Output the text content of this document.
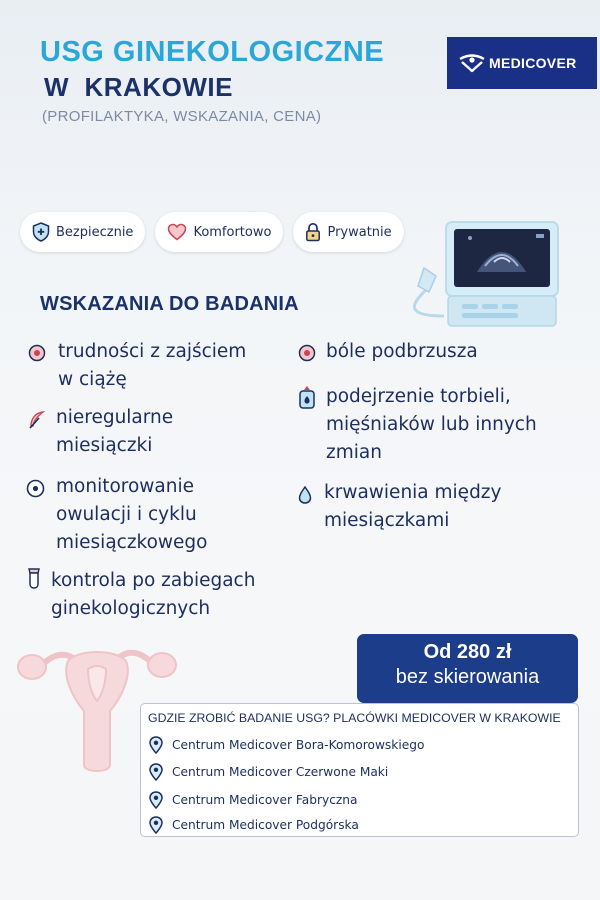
USG GINEKOLOGICZNE
W  KRAKOWIE
(PROFILAKTYKA, WSKAZANIA, CENA)
MEDICOVER
Bezpiecznie	Komfortowo	Prywatnie
WSKAZANIA DO BADANIA
trudności z zajściem
w ciążę
nieregularne
miesiączki
monitorowanie
owulacji i cyklu
miesiączkowego
kontrola po zabiegach
ginekologicznych
bóle podbrzusza
podejrzenie torbieli,
mięśniaków lub innych
zmian
krwawienia między
miesiączkami
Od 280 zł
bez skierowania
GDZIE ZROBIĆ BADANIE USG? PLACÓWKI MEDICOVER W KRAKOWIE
Centrum Medicover Bora-Komorowskiego
Centrum Medicover Czerwone Maki
Centrum Medicover Fabryczna
Centrum Medicover Podgórska
